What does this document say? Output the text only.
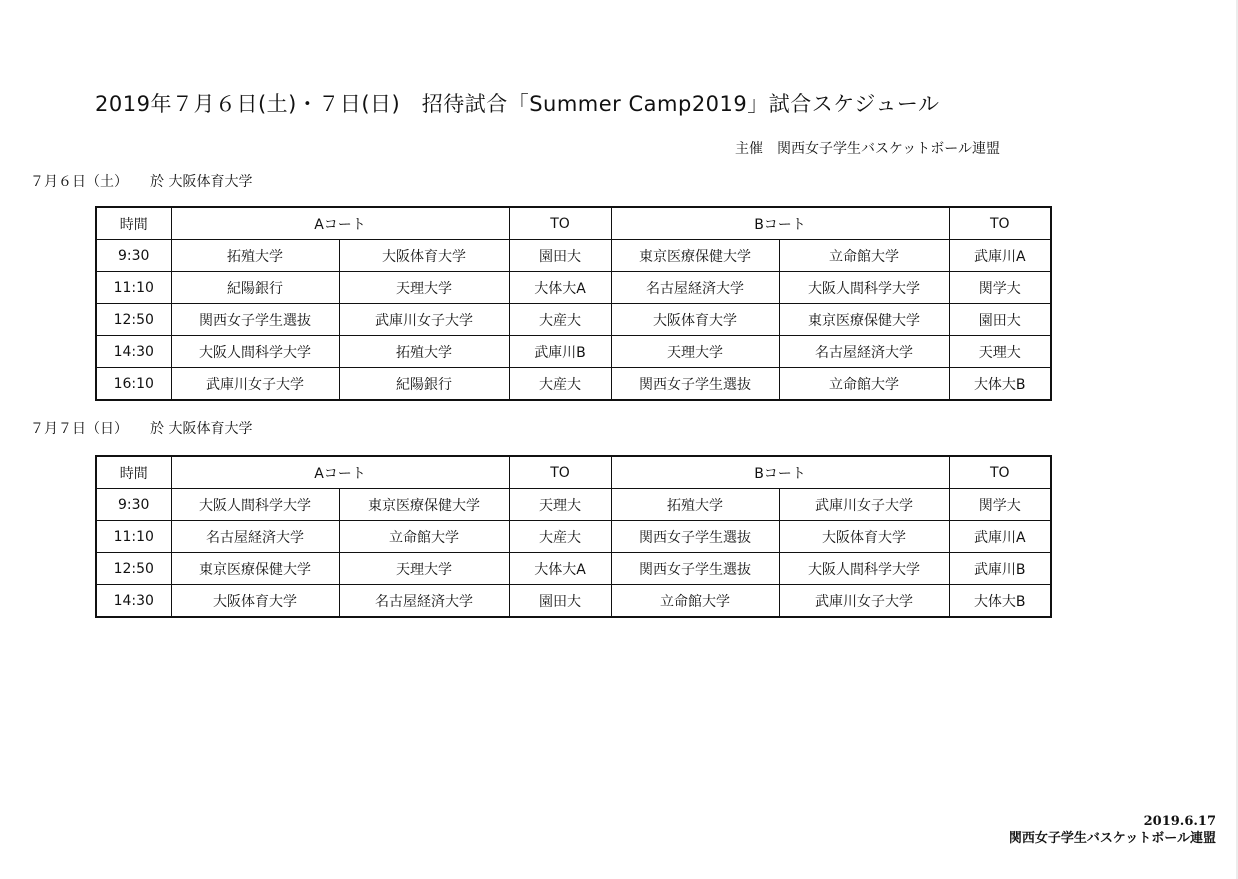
2019年７月６日(土)・７日(日)　招待試合「Summer Camp2019」試合スケジュール
主催　関西女子学生バスケットボール連盟
７月６日（土） 於 大阪体育大学
時間	Aコート		TO	Bコート		TO
9:30	拓殖大学	大阪体育大学	園田大	東京医療保健大学	立命館大学	武庫川A
11:10	紀陽銀行	天理大学	大体大A	名古屋経済大学	大阪人間科学大学	関学大
12:50	関西女子学生選抜	武庫川女子大学	大産大	大阪体育大学	東京医療保健大学	園田大
14:30	大阪人間科学大学	拓殖大学	武庫川B	天理大学	名古屋経済大学	天理大
16:10	武庫川女子大学	紀陽銀行	大産大	関西女子学生選抜	立命館大学	大体大B
７月７日（日） 於 大阪体育大学
時間	Aコート		TO	Bコート		TO
9:30	大阪人間科学大学	東京医療保健大学	天理大	拓殖大学	武庫川女子大学	関学大
11:10	名古屋経済大学	立命館大学	大産大	関西女子学生選抜	大阪体育大学	武庫川A
12:50	東京医療保健大学	天理大学	大体大A	関西女子学生選抜	大阪人間科学大学	武庫川B
14:30	大阪体育大学	名古屋経済大学	園田大	立命館大学	武庫川女子大学	大体大B
2019.6.17
関西女子学生バスケットボール連盟
